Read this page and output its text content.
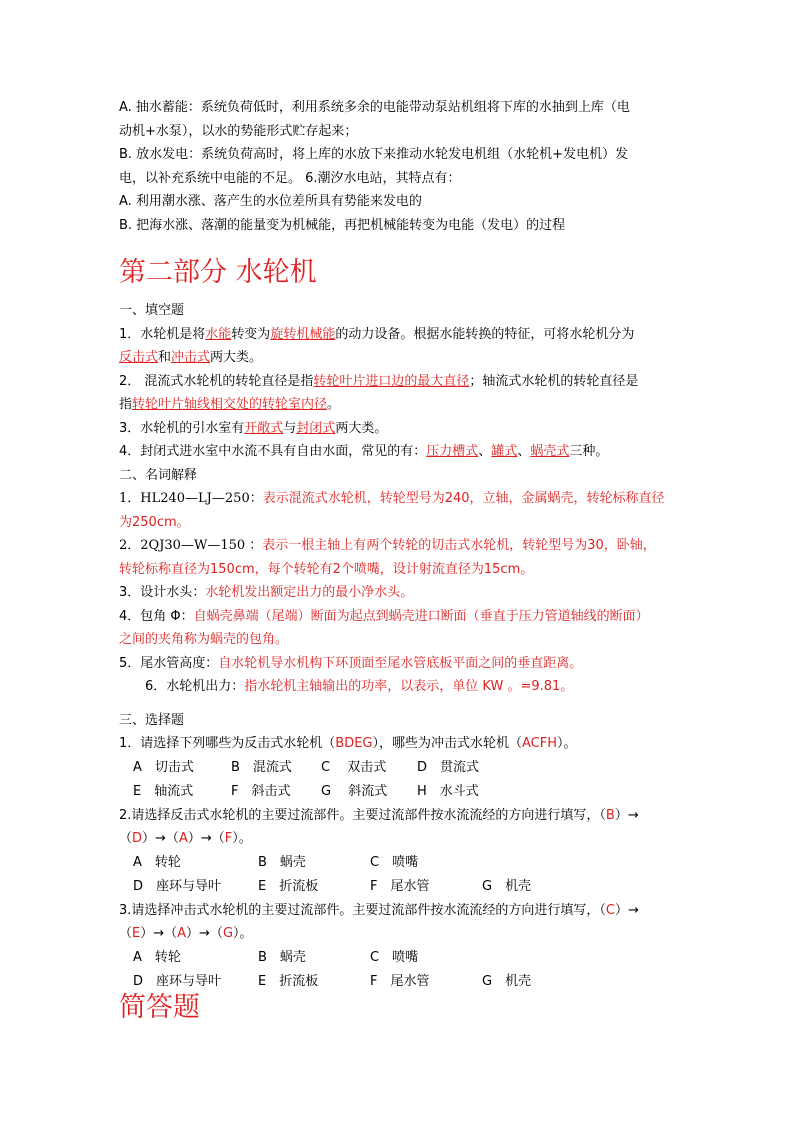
A. 抽水蓄能：系统负荷低时，利用系统多余的电能带动泵站机组将下库的水抽到上库（电
动机+水泵），以水的势能形式贮存起来；
B. 放水发电：系统负荷高时，将上库的水放下来推动水轮发电机组（水轮机+发电机）发
电，以补充系统中电能的不足。 6.潮汐水电站，其特点有：
A. 利用潮水涨、落产生的水位差所具有势能来发电的
B. 把海水涨、落潮的能量变为机械能，再把机械能转变为电能（发电）的过程
第二部分 水轮机
一、填空题
1．水轮机是将水能转变为旋转机械能的动力设备。根据水能转换的特征，可将水轮机分为
反击式和冲击式两大类。
2． 混流式水轮机的转轮直径是指转轮叶片进口边的最大直径；轴流式水轮机的转轮直径是
指转轮叶片轴线相交处的转轮室内径。
3．水轮机的引水室有开敞式与封闭式两大类。
4．封闭式进水室中水流不具有自由水面，常见的有：压力槽式、罐式、蜗壳式三种。
二、名词解释
1．HL240—LJ—250：表示混流式水轮机，转轮型号为240，立轴，金属蜗壳，转轮标称直径
为250cm。
2．2QJ30—W—150 ：表示一根主轴上有两个转轮的切击式水轮机，转轮型号为30，卧轴，
转轮标称直径为150cm，每个转轮有2个喷嘴，设计射流直径为15cm。
3．设计水头：水轮机发出额定出力的最小净水头。
4．包角 Φ：自蜗壳鼻端（尾端）断面为起点到蜗壳进口断面（垂直于压力管道轴线的断面）
之间的夹角称为蜗壳的包角。
5．尾水管高度：自水轮机导水机构下环顶面至尾水管底板平面之间的垂直距离。
6．水轮机出力：指水轮机主轴输出的功率，以表示，单位 KW 。=9.81。
三、选择题
1．请选择下列哪些为反击式水轮机（BDEG），哪些为冲击式水轮机（ACFH）。
A　切击式	B　混流式 C　 双击式 D　贯流式
E　轴流式	F　斜击式 G　 斜流式 H　水斗式
2.请选择反击式水轮机的主要过流部件。主要过流部件按水流流经的方向进行填写，（B）→
（D）→（A）→（F）。
A　转轮	B　蜗壳	C　喷嘴
D　座环与导叶	E　折流板	F　尾水管	G　机壳
3.请选择冲击式水轮机的主要过流部件。主要过流部件按水流流经的方向进行填写，（C）→
（E）→（A）→（G）。
A　转轮	B　蜗壳	C　喷嘴
D　座环与导叶	E　折流板	F　尾水管	G　机壳
简答题
